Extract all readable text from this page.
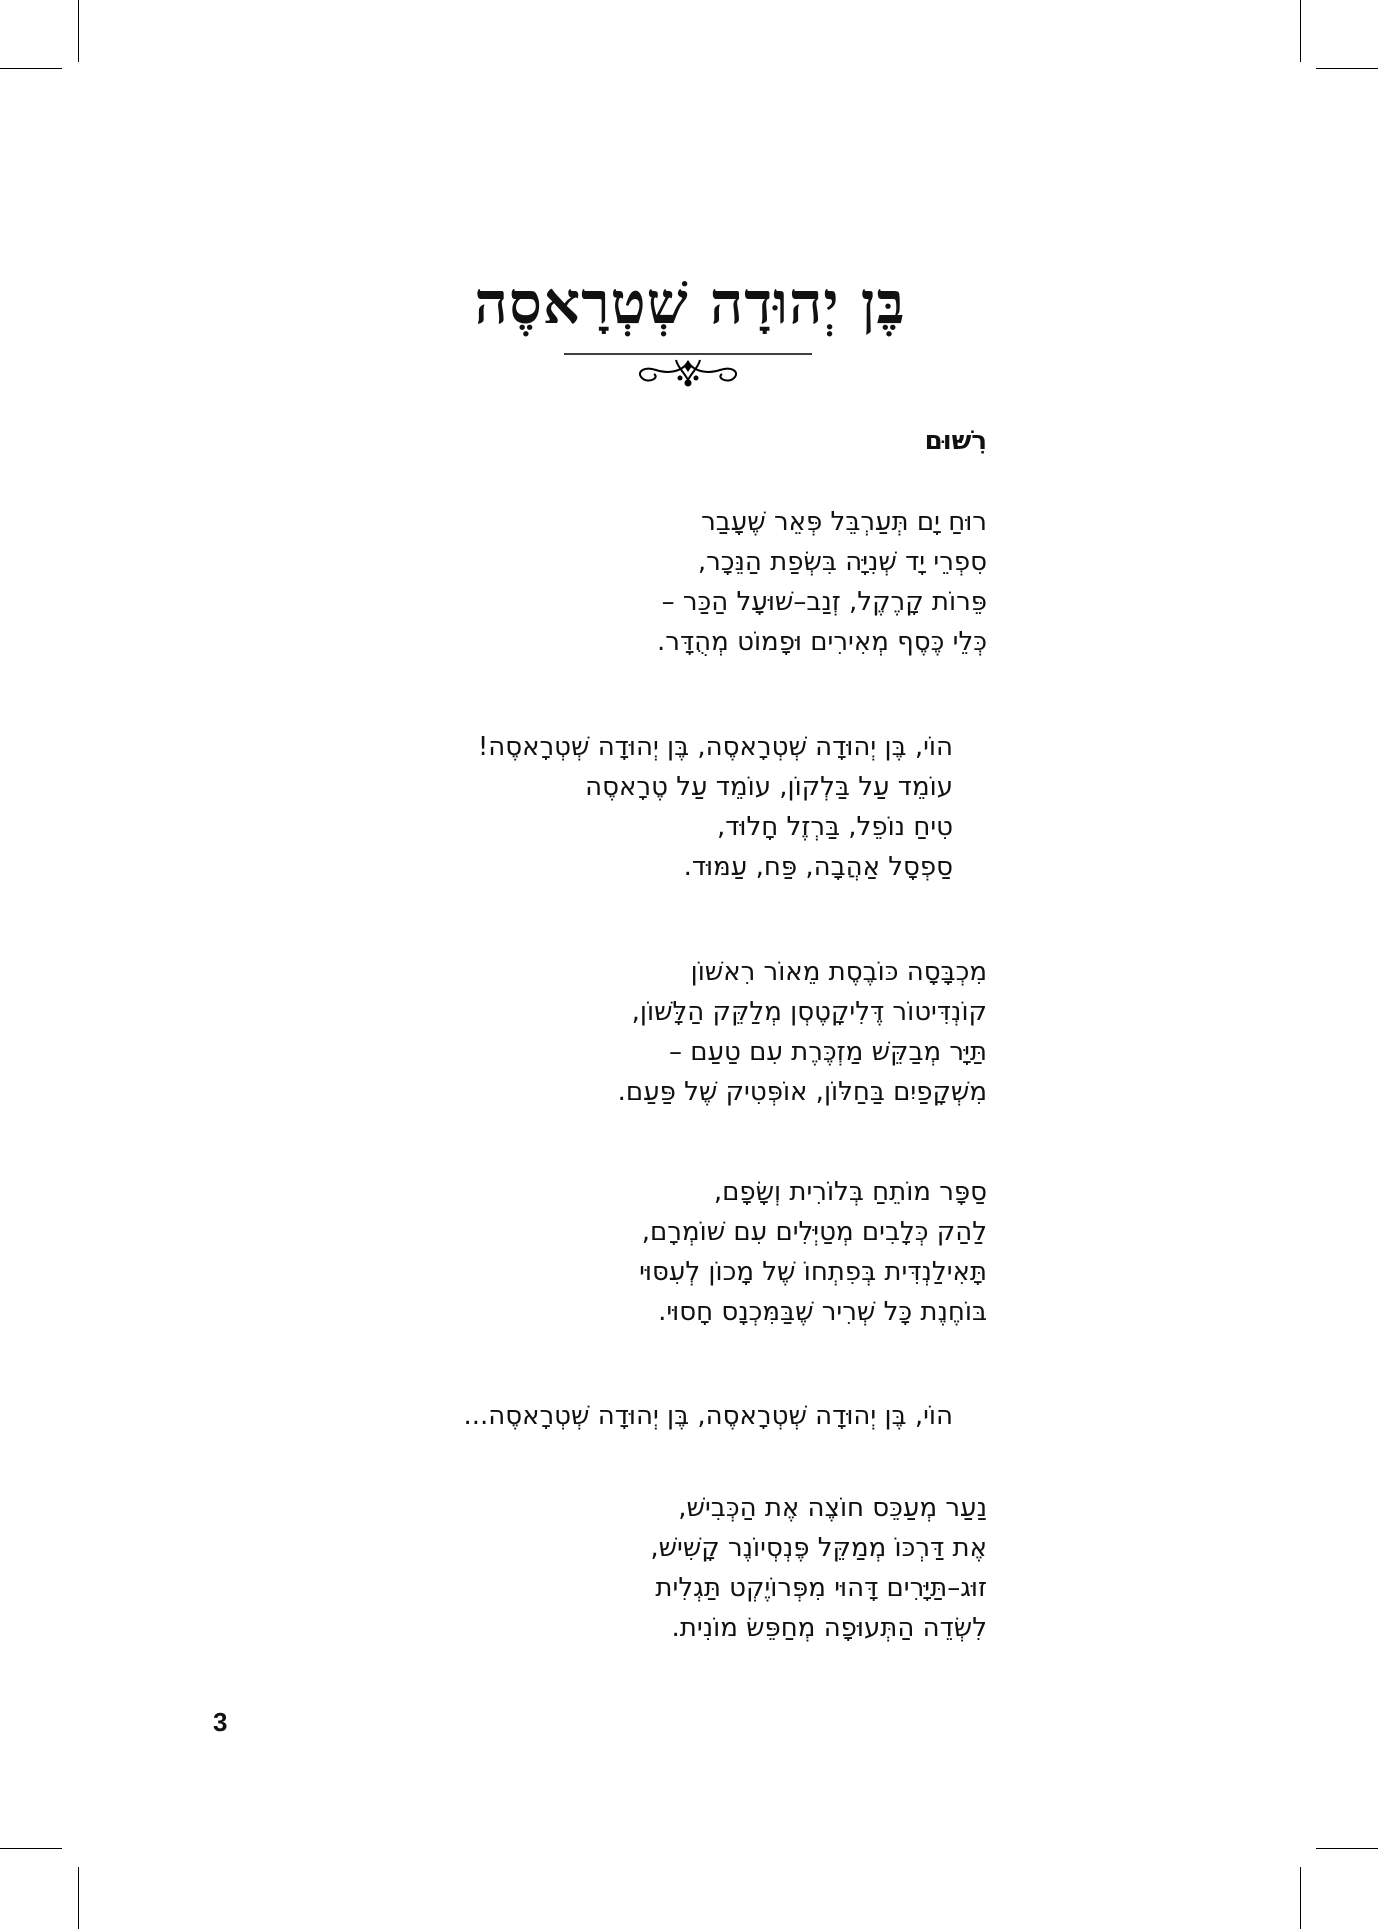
בֶּן יְהוּדָה שְׁטְרָאסֶה

רִשּׁוּם

רוּחַ יָם תְּעַרְבֵּל פְּאֵר שֶׁעָבַר
סִפְרֵי יָד שְׁנִיָּה בִּשְׂפַת הַנֵּכָר,
פֵּרוֹת קָרֶקֶל, זְנַב–שׁוּעָל הַכַּר –
כְּלֵי כֶּסֶף מְאִירִים וּפָמוֹט מְהֻדָּר.
הוֹי, בֶּן יְהוּדָה שְׁטְרָאסֶה, בֶּן יְהוּדָה שְׁטְרָאסֶה!
עוֹמֵד עַל בַּלְקוֹן, עוֹמֵד עַל טֶרָאסֶה
טִיחַ נוֹפֵל, בַּרְזֶל חָלוּד,
סַפְסָל אַהֲבָה, פַּח, עַמּוּד.
מִכְבָּסָה כּוֹבֶסֶת מֵאוֹר רִאשׁוֹן
קוֹנְדִּיטוֹר דֶּלִיקָטֶסְן מְלַקֵּק הַלָּשׁוֹן,
תַּיָּר מְבַקֵּשׁ מַזְכֶּרֶת עִם טַעַם –
מִשְׁקָפַיִם בַּחַלּוֹן, אוֹפְּטִיק שֶׁל פַּעַם.
סַפָּר מוֹתֵחַ בְּלוֹרִית וְשָׂפָם,
לַהַק כְּלָבִים מְטַיְּלִים עִם שׁוֹמְרָם,
תָּאִילַנְדִּית בְּפִתְחוֹ שֶׁל מָכוֹן לְעִסּוּי
בּוֹחֶנֶת כָּל שְׁרִיר שֶׁבַּמִּכְנָס חָסוּי.
הוֹי, בֶּן יְהוּדָה שְׁטְרָאסֶה, בֶּן יְהוּדָה שְׁטְרָאסֶה...
נַעַר מְעַכֵּס חוֹצֶה אֶת הַכְּבִישׁ,
אֶת דַּרְכּוֹ מְמַקֵּל פֶּנְסְיוֹנֶר קָשִׁישׁ,
זוּג–תַּיָּרִים דָּהוּי מִפְּרוֹיֶקְט תַּגְלִית
לִשְׂדֵה הַתְּעוּפָה מְחַפֵּשׂ מוֹנִית.
3
